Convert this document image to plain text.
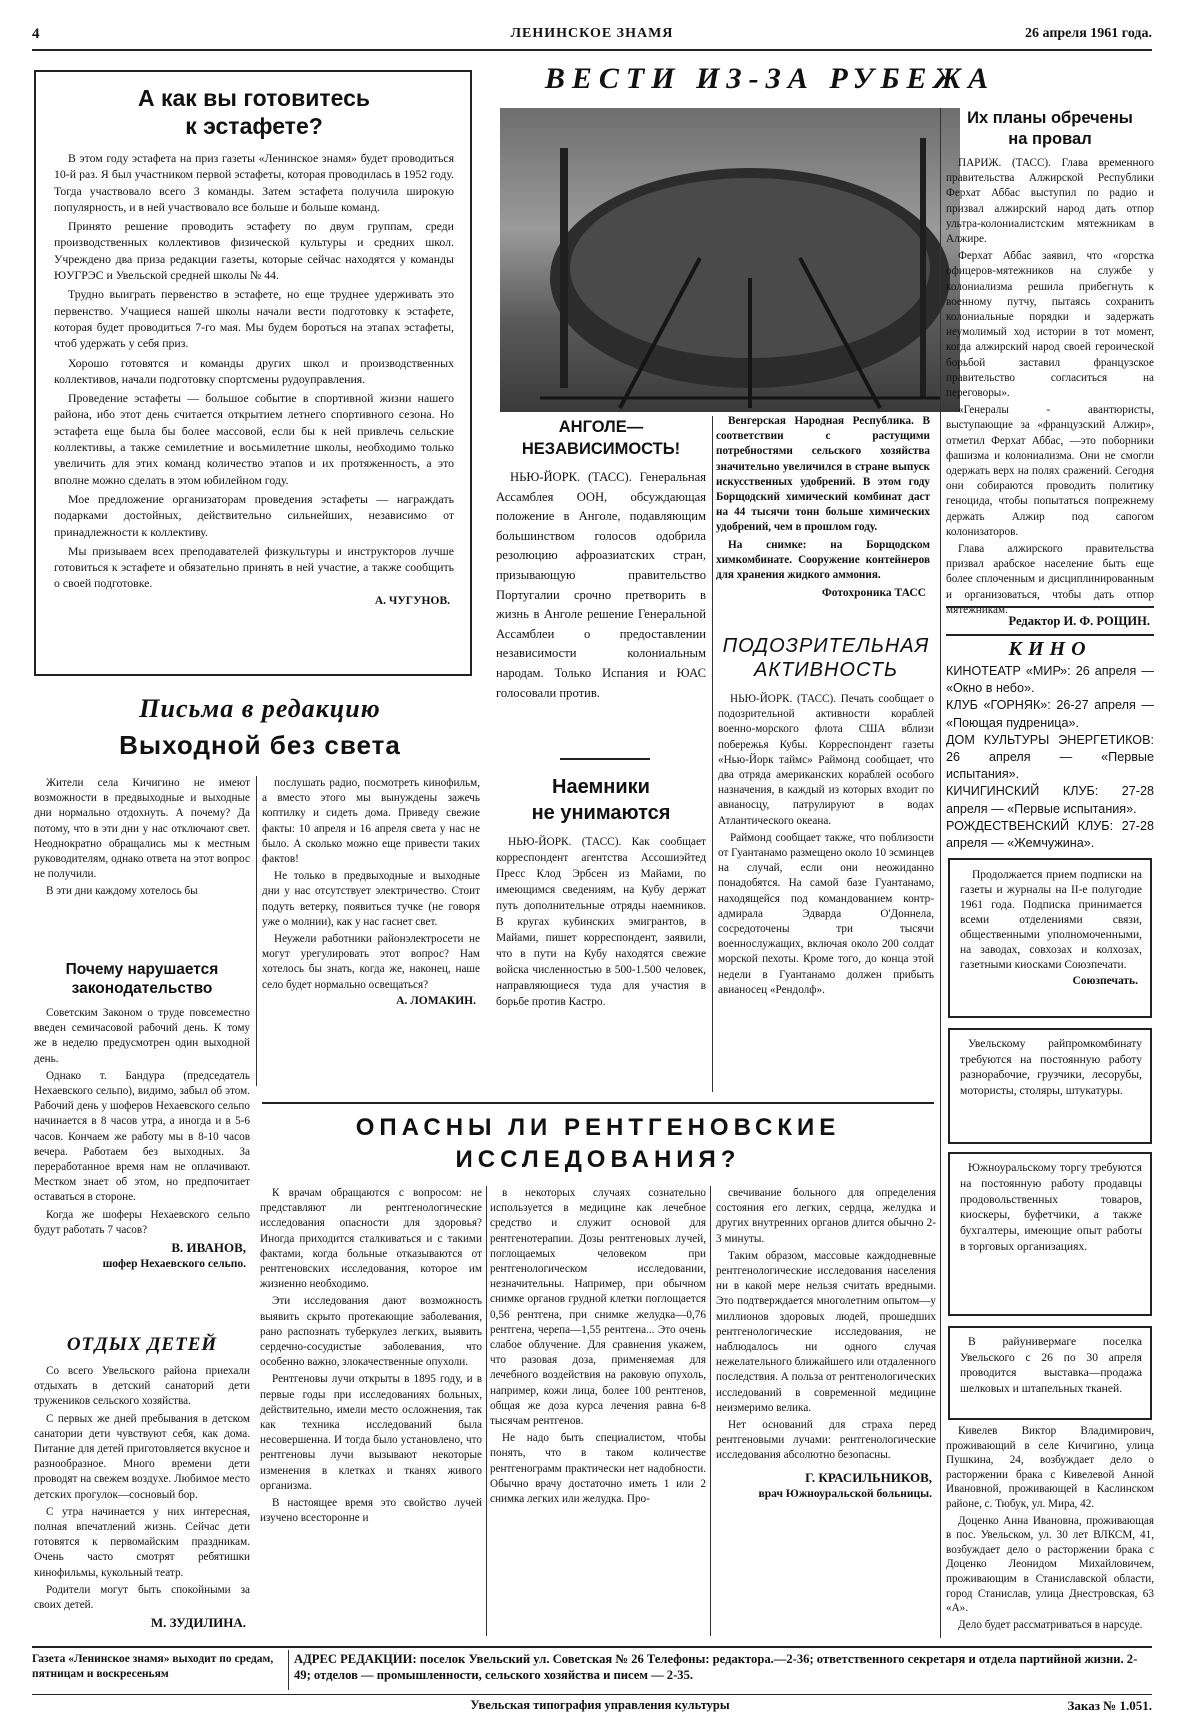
4	ЛЕНИНСКОЕ ЗНАМЯ	26 апреля 1961 года.
А как вы готовитесь
к эстафете?

В этом году эстафета на приз газеты «Ленинское знамя» будет проводиться 10-й раз. Я был участником первой эстафеты, которая проводилась в 1952 году. Тогда участвовало всего 3 команды. Затем эстафета получила широкую популярность, и в ней участвовало все больше и больше команд.

Принято решение проводить эстафету по двум группам, среди производственных коллективов физической культуры и средних школ. Учреждено два приза редакции газеты, которые сейчас находятся у команды ЮУГРЭС и Увельской средней школы № 44.

Трудно выиграть первенство в эстафете, но еще труднее удерживать это первенство. Учащиеся нашей школы начали вести подготовку к эстафете, которая будет проводиться 7-го мая. Мы будем бороться на этапах эстафеты, чтоб удержать у себя приз.

Хорошо готовятся и команды других школ и производственных коллективов, начали подготовку спортсмены рудоуправления.

Проведение эстафеты — большое событие в спортивной жизни нашего района, ибо этот день считается открытием летнего спортивного сезона. Но эстафета еще была бы более массовой, если бы к ней привлечь сельские коллективы, а также семилетние и восьмилетние школы, необходимо только увеличить для этих команд количество этапов и их протяженность, а это вполне можно сделать в этом юбилейном году.

Мое предложение организаторам проведения эстафеты — награждать подарками достойных, действительно сильнейших, независимо от принадлежности к коллективу.

Мы призываем всех преподавателей физкультуры и инструкторов лучше готовиться к эстафете и обязательно принять в ней участие, а также сообщить о своей подготовке.

А. ЧУГУНОВ.
Письма в редакцию
Выходной без света

Жители села Кичигино не имеют возможности в предвыходные и выходные дни нормально отдохнуть. А почему? Да потому, что в эти дни у нас отключают свет. Неоднократно обращались мы к местным руководителям, однако ответа на этот вопрос не получили.

В эти дни каждому хотелось бы

послушать радио, посмотреть кинофильм, а вместо этого мы вынуждены зажечь коптилку и сидеть дома. Приведу свежие факты: 10 апреля и 16 апреля света у нас не было. А сколько можно еще привести таких фактов!

Не только в предвыходные и выходные дни у нас отсутствует электричество. Стоит подуть ветерку, появиться тучке (не говоря уже о молнии), как у нас гаснет свет.

Неужели работники районэлектросети не могут урегулировать этот вопрос? Нам хотелось бы знать, когда же, наконец, наше село будет нормально освещаться?

А. ЛОМАКИН.
Почему нарушается законодательство

Советским Законом о труде повсеместно введен семичасовой рабочий день. К тому же в неделю предусмотрен один выходной день.

Однако т. Бандура (председатель Нехаевского сельпо), видимо, забыл об этом. Рабочий день у шоферов Нехаевского сельпо начинается в 8 часов утра, а иногда и в 5-6 часов. Кончаем же работу мы в 8-10 часов вечера. Работаем без выходных. За переработанное время нам не оплачивают. Местком знает об этом, но предпочитает оставаться в стороне.

Когда же шоферы Нехаевского сельпо будут работать 7 часов?

В. ИВАНОВ,
шофер Нехаевского сельпо.
ОТДЫХ ДЕТЕЙ

Со всего Увельского района приехали отдыхать в детский санаторий дети тружеников сельского хозяйства.

С первых же дней пребывания в детском санатории дети чувствуют себя, как дома. Питание для детей приготовляется вкусное и разнообразное. Много времени дети проводят на свежем воздухе. Любимое место детских прогулок—сосновый бор.

С утра начинается у них интересная, полная впечатлений жизнь. Сейчас дети готовятся к первомайским праздникам. Очень часто смотрят ребятишки кинофильмы, кукольный театр.

Родители могут быть спокойными за своих детей.

М. ЗУДИЛИНА.
ВЕСТИ ИЗ-ЗА РУБЕЖА

Венгерская Народная Республика. В соответствии с растущими потребностями сельского хозяйства значительно увеличился в стране выпуск искусственных удобрений. В этом году Борщодский химический комбинат даст на 44 тысячи тонн больше химических удобрений, чем в прошлом году.

На снимке: на Борщодском химкомбинате. Сооружение контейнеров для хранения жидкого аммония.

Фотохроника ТАСС
АНГОЛЕ—
НЕЗАВИСИМОСТЬ!

НЬЮ-ЙОРК. (ТАСС). Генеральная Ассамблея ООН, обсуждающая положение в Анголе, подавляющим большинством голосов одобрила резолюцию афроазиатских стран, призывающую правительство Португалии срочно претворить в жизнь в Анголе решение Генеральной Ассамблеи о предоставлении независимости колониальным народам. Только Испания и ЮАС голосовали против.

Наемники
не унимаются

НЬЮ-ЙОРК. (ТАСС). Как сообщает корреспондент агентства Ассошиэйтед Пресс Клод Эрбсен из Майами, по имеющимся сведениям, на Кубу держат путь дополнительные отряды наемников. В кругах кубинских эмигрантов, в Майами, пишет корреспондент, заявили, что в пути на Кубу находятся свежие войска численностью в 500-1.500 человек, направляющиеся туда для участия в борьбе против Кастро.

ПОДОЗРИТЕЛЬНАЯ
АКТИВНОСТЬ

НЬЮ-ЙОРК. (ТАСС). Печать сообщает о подозрительной активности кораблей военно-морского флота США вблизи побережья Кубы. Корреспондент газеты «Нью-Йорк таймс» Раймонд сообщает, что два отряда американских кораблей особого назначения, в каждый из которых входит по авианосцу, патрулируют в водах Атлантического океана.

Раймонд сообщает также, что поблизости от Гуантанамо размещено около 10 эсминцев на случай, если они неожиданно понадобятся. На самой базе Гуантанамо, находящейся под командованием контр-адмирала Эдварда О'Доннела, сосредоточены три тысячи военнослужащих, включая около 200 солдат морской пехоты. Кроме того, до конца этой недели в Гуантанамо должен прибыть авианосец «Рендолф».

Их планы обречены
на провал

ПАРИЖ. (ТАСС). Глава временного правительства Алжирской Республики Ферхат Аббас выступил по радио и призвал алжирский народ дать отпор ультра-колониалистским мятежникам в Алжире.

Ферхат Аббас заявил, что «горстка офицеров-мятежников на службе у колониализма решила прибегнуть к военному путчу, пытаясь сохранить колониальные порядки и задержать неумолимый ход истории в тот момент, когда алжирский народ своей героической борьбой заставил французское правительство согласиться на переговоры».

«Генералы - авантюристы, выступающие за «французский Алжир», отметил Ферхат Аббас, —это поборники фашизма и колониализма. Они не смогли одержать верх на полях сражений. Сегодня они собираются проводить политику геноцида, чтобы попытаться попрежнему держать Алжир под сапогом колонизаторов.

Глава алжирского правительства призвал арабское население быть еще более сплоченным и дисциплинированным и организоваться, чтобы дать отпор мятежникам.

Редактор И. Ф. РОЩИН.
КИНО

КИНОТЕАТР «МИР»: 26 апреля — «Окно в небо».

КЛУБ «ГОРНЯК»: 26-27 апреля — «Поющая пудреница».

ДОМ КУЛЬТУРЫ ЭНЕРГЕТИКОВ: 26 апреля — «Первые испытания».

КИЧИГИНСКИЙ КЛУБ: 27-28 апреля — «Первые испытания».

РОЖДЕСТВЕНСКИЙ КЛУБ: 27-28 апреля — «Жемчужина».

Продолжается прием подписки на газеты и журналы на II-е полугодие 1961 года. Подписка принимается всеми отделениями связи, общественными уполномоченными, на заводах, совхозах и колхозах, газетными киосками Союзпечати.

Союзпечать.

Увельскому райпромкомбинату требуются на постоянную работу разнорабочие, грузчики, лесорубы, мотористы, столяры, штукатуры.

Южноуральскому торгу требуются на постоянную работу продавцы продовольственных товаров, киоскеры, буфетчики, а также бухгалтеры, имеющие опыт работы в торговых организациях.

В райунивермаге поселка Увельского с 26 по 30 апреля проводится выставка—продажа шелковых и штапельных тканей.

Кивелев Виктор Владимирович, проживающий в селе Кичигино, улица Пушкина, 24, возбуждает дело о расторжении брака с Кивелевой Анной Ивановной, проживающей в Каслинском районе, с. Тюбук, ул. Мира, 42.

Доценко Анна Ивановна, проживающая в пос. Увельском, ул. 30 лет ВЛКСМ, 41, возбуждает дело о расторжении брака с Доценко Леонидом Михайловичем, проживающим в Станиславской области, город Станислав, улица Днестровская, 63 «А».

Дело будет рассматриваться в нарсуде.

ОПАСНЫ ЛИ РЕНТГЕНОВСКИЕ
ИССЛЕДОВАНИЯ?

К врачам обращаются с вопросом: не представляют ли рентгенологические исследования опасности для здоровья? Иногда приходится сталкиваться и с такими фактами, когда больные отказываются от рентгеновских исследования, которое им жизненно необходимо.

Эти исследования дают возможность выявить скрыто протекающие заболевания, рано распознать туберкулез легких, выявить сердечно-сосудистые заболевания, что особенно важно, злокачественные опухоли.

Рентгеновы лучи открыты в 1895 году, и в первые годы при исследованиях больных, действительно, имели место осложнения, так как техника исследований была несовершенна. И тогда было установлено, что рентгеновы лучи вызывают некоторые изменения в клетках и тканях живого организма.

В настоящее время это свойство лучей изучено всесторонне и

в некоторых случаях сознательно используется в медицине как лечебное средство и служит основой для рентгенотерапии. Дозы рентгеновых лучей, поглощаемых человеком при рентгенологическом исследовании, незначительны. Например, при обычном снимке органов грудной клетки поглощается 0,56 рентгена, при снимке желудка—0,76 рентгена, черепа—1,55 рентгена... Это очень слабое облучение. Для сравнения укажем, что разовая доза, применяемая для лечебного воздействия на раковую опухоль, например, кожи лица, более 100 рентгенов, общая же доза курса лечения равна 6-8 тысячам рентгенов.

Не надо быть специалистом, чтобы понять, что в таком количестве рентгенограмм практически нет надобности. Обычно врачу достаточно иметь 1 или 2 снимка легких или желудка. Про-

свечивание больного для определения состояния его легких, сердца, желудка и других внутренних органов длится обычно 2-3 минуты.

Таким образом, массовые каждодневные рентгенологические исследования населения ни в какой мере нельзя считать вредными. Это подтверждается многолетним опытом—у миллионов здоровых людей, прошедших рентгенологические исследования, не наблюдалось ни одного случая нежелательного ближайшего или отдаленного последствия. А польза от рентгенологических исследований в современной медицине неизмеримо велика.

Нет оснований для страха перед рентгеновыми лучами: рентгенологические исследования абсолютно безопасны.

Г. КРАСИЛЬНИКОВ,
врач Южноуральской больницы.
Газета «Ленинское знамя» выходит по средам, пятницам и воскресеньям
АДРЕС РЕДАКЦИИ: поселок Увельский ул. Советская № 26 Телефоны: редактора.—2-36; ответственного секретаря и отдела партийной жизни. 2-49; отделов — промышленности, сельского хозяйства и писем — 2-35.
Увельская типография управления культуры	Заказ № 1.051.
